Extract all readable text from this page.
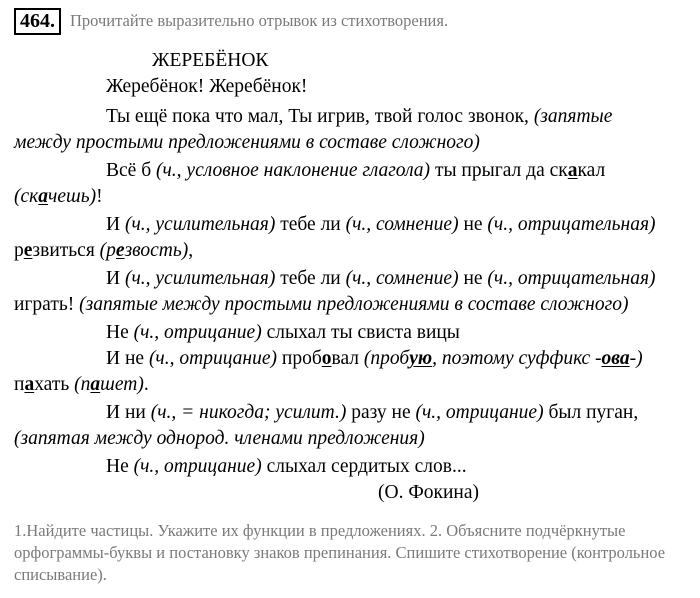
464. Прочитайте выразительно отрывок из стихотворения.
ЖЕРЕБЁНОК
Жеребёнок! Жеребёнок!
Ты ещё пока что мал, Ты игрив, твой голос звонок, (запятые
между простыми предложениями в составе сложного)
Всё б (ч., условное наклонение глагола) ты прыгал да скакал
(скачешь)!
И (ч., усилительная) тебе ли (ч., сомнение) не (ч., отрицательная)
резвиться (резвость),
И (ч., усилительная) тебе ли (ч., сомнение) не (ч., отрицательная)
играть! (запятые между простыми предложениями в составе сложного)
Не (ч., отрицание) слыхал ты свиста вицы
И не (ч., отрицание) пробовал (пробую, поэтому суффикс -ова-)
пахать (пашет).
И ни (ч., = никогда; усилит.) разу не (ч., отрицание) был пуган,
(запятая между однород. членами предложения)
Не (ч., отрицание) слыхал сердитых слов...
(О. Фокина)
1.Найдите частицы. Укажите их функции в предложениях. 2. Объясните подчёркнутые орфограммы-буквы и постановку знаков препинания. Спишите стихотворение (контрольное списывание).
